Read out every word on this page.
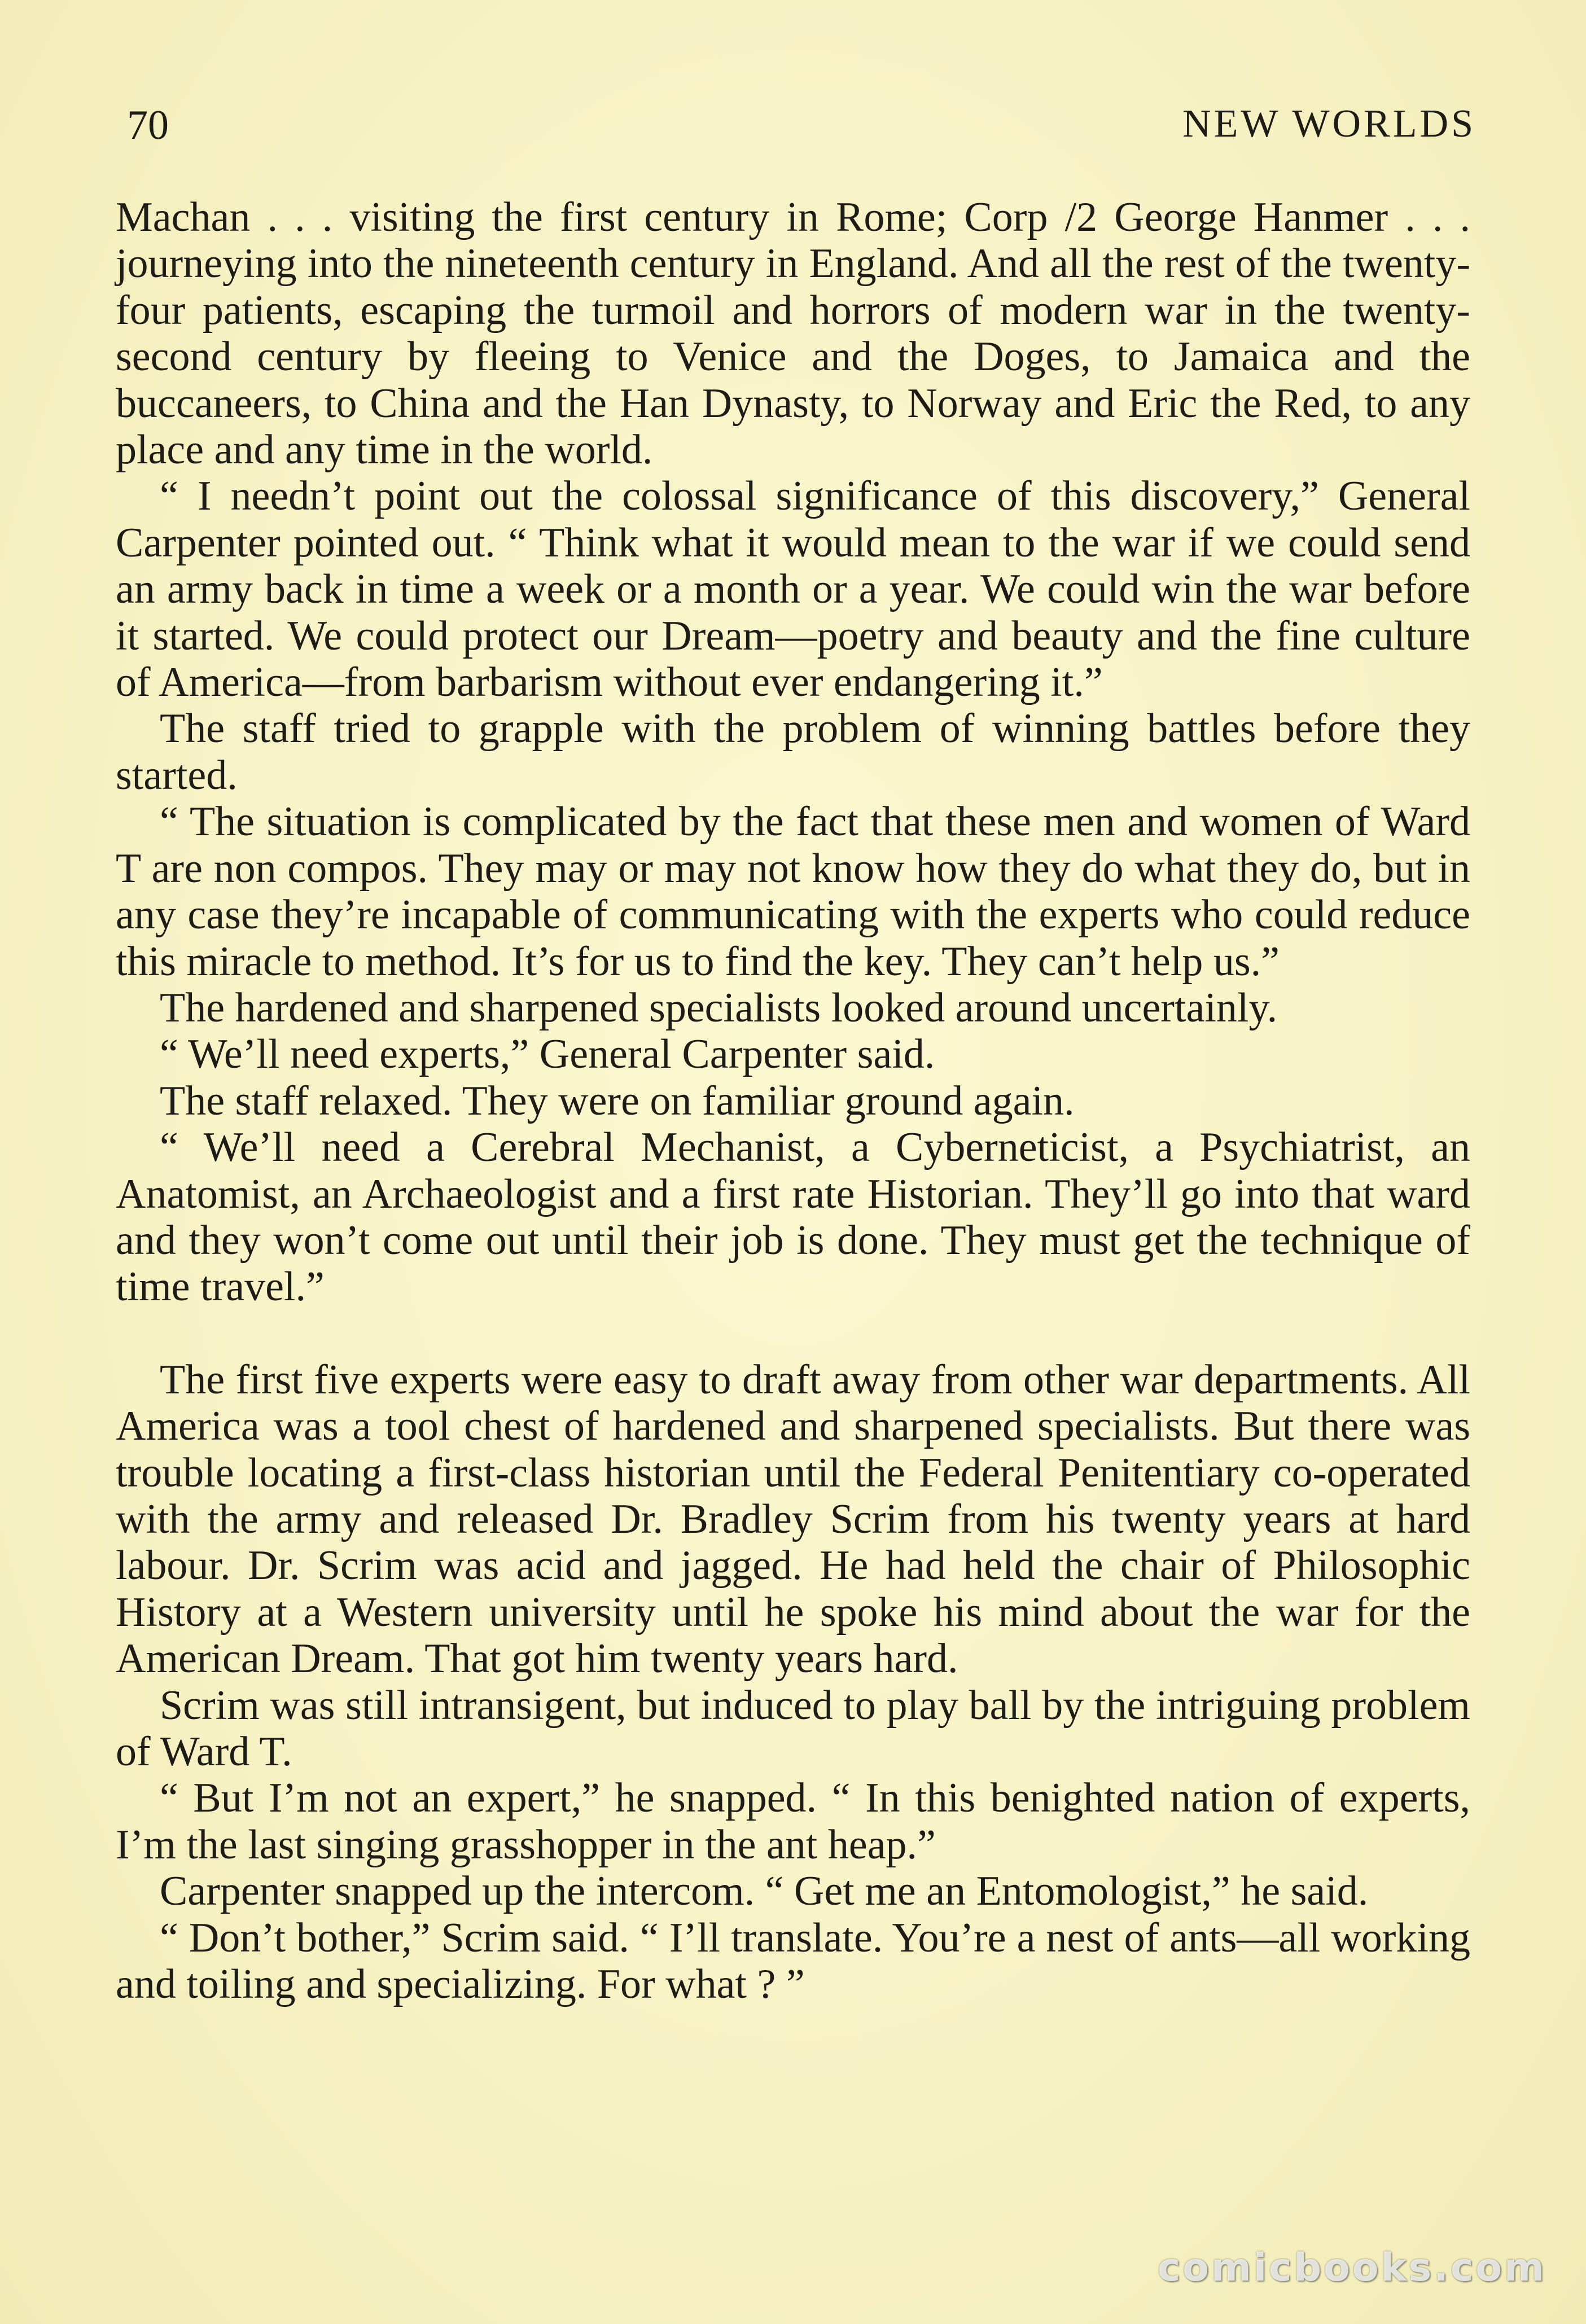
70	NEW WORLDS

Machan . . . visiting the first century in Rome; Corp /2 George Hanmer . . . journeying into the nineteenth century in England. And all the rest of the twenty-four patients, escaping the turmoil and horrors of modern war in the twenty-second century by fleeing to Venice and the Doges, to Jamaica and the buccaneers, to China and the Han Dynasty, to Norway and Eric the Red, to any place and any time in the world.

“ I needn’t point out the colossal significance of this discovery,” General Carpenter pointed out. “ Think what it would mean to the war if we could send an army back in time a week or a month or a year. We could win the war before it started. We could protect our Dream—poetry and beauty and the fine culture of America—from barbarism without ever endangering it.”

The staff tried to grapple with the problem of winning battles before they started.

“ The situation is complicated by the fact that these men and women of Ward T are non compos. They may or may not know how they do what they do, but in any case they’re incapable of communicating with the experts who could reduce this miracle to method. It’s for us to find the key. They can’t help us.”

The hardened and sharpened specialists looked around uncertainly.

“ We’ll need experts,” General Carpenter said.

The staff relaxed. They were on familiar ground again.

“ We’ll need a Cerebral Mechanist, a Cyberneticist, a Psychiatrist, an Anatomist, an Archaeologist and a first rate Historian. They’ll go into that ward and they won’t come out until their job is done. They must get the technique of time travel.”

The first five experts were easy to draft away from other war departments. All America was a tool chest of hardened and sharpened specialists. But there was trouble locating a first-class historian until the Federal Penitentiary co-operated with the army and released Dr. Bradley Scrim from his twenty years at hard labour. Dr. Scrim was acid and jagged. He had held the chair of Philosophic History at a Western university until he spoke his mind about the war for the American Dream. That got him twenty years hard.

Scrim was still intransigent, but induced to play ball by the intriguing problem of Ward T.

“ But I’m not an expert,” he snapped. “ In this benighted nation of experts, I’m the last singing grasshopper in the ant heap.”

Carpenter snapped up the intercom. “ Get me an Entomologist,” he said.

“ Don’t bother,” Scrim said. “ I’ll translate. You’re a nest of ants—all working and toiling and specializing. For what ? ”

comicbooks.com
